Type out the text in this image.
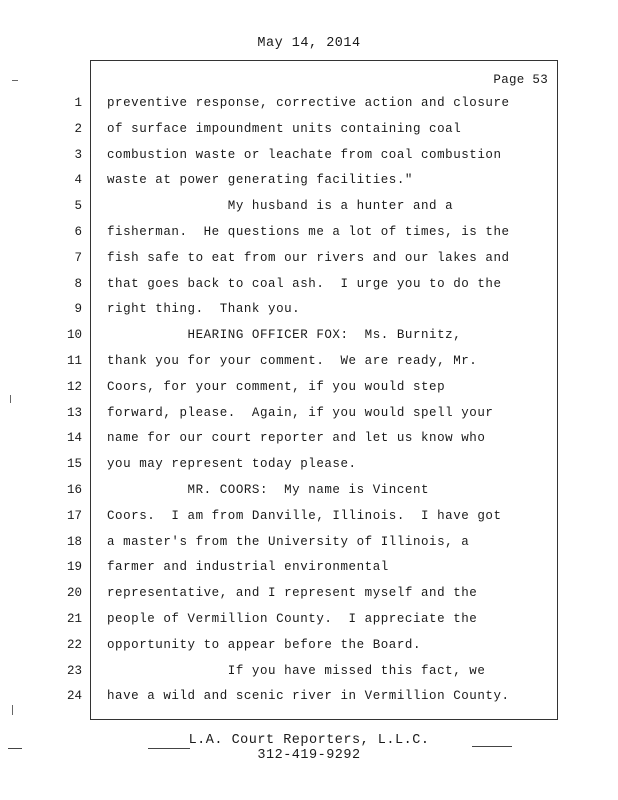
May 14, 2014
Page 53
1 preventive response, corrective action and closure
2 of surface impoundment units containing coal
3 combustion waste or leachate from coal combustion
4 waste at power generating facilities."
5 My husband is a hunter and a
6 fisherman.  He questions me a lot of times, is the
7 fish safe to eat from our rivers and our lakes and
8 that goes back to coal ash.  I urge you to do the
9 right thing.  Thank you.
10 HEARING OFFICER FOX:  Ms. Burnitz,
11 thank you for your comment.  We are ready, Mr.
12 Coors, for your comment, if you would step
13 forward, please.  Again, if you would spell your
14 name for our court reporter and let us know who
15 you may represent today please.
16 MR. COORS:  My name is Vincent
17 Coors.  I am from Danville, Illinois.  I have got
18 a master's from the University of Illinois, a
19 farmer and industrial environmental
20 representative, and I represent myself and the
21 people of Vermillion County.  I appreciate the
22 opportunity to appear before the Board.
23 If you have missed this fact, we
24 have a wild and scenic river in Vermillion County.
L.A. Court Reporters, L.L.C.
312-419-9292
